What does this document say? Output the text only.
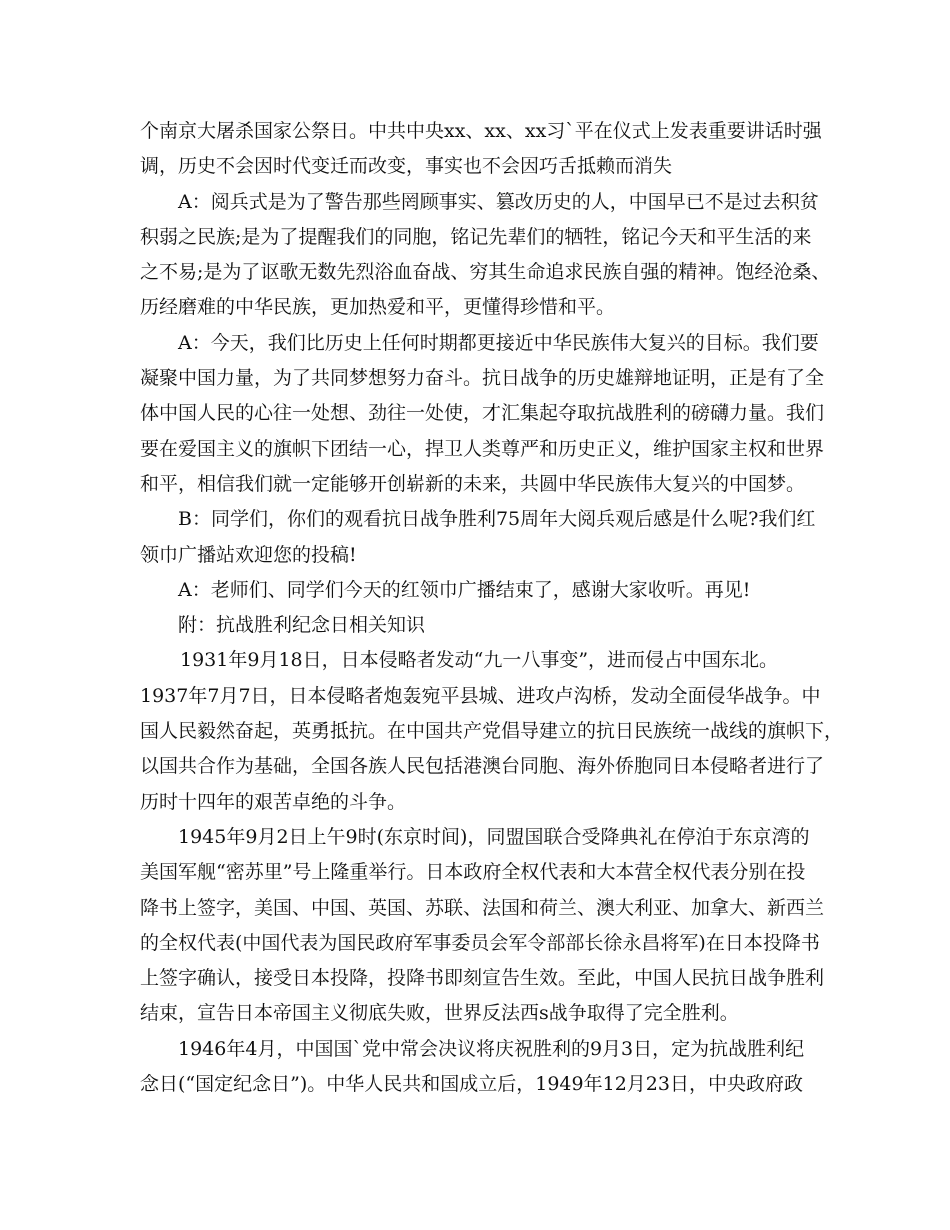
个南京大屠杀国家公祭日。中共中央xx、xx、xx习`平在仪式上发表重要讲话时强
调，历史不会因时代变迁而改变，事实也不会因巧舌抵赖而消失
A：阅兵式是为了警告那些罔顾事实、篡改历史的人，中国早已不是过去积贫
积弱之民族;是为了提醒我们的同胞，铭记先辈们的牺牲，铭记今天和平生活的来
之不易;是为了讴歌无数先烈浴血奋战、穷其生命追求民族自强的精神。饱经沧桑、
历经磨难的中华民族，更加热爱和平，更懂得珍惜和平。
A：今天，我们比历史上任何时期都更接近中华民族伟大复兴的目标。我们要
凝聚中国力量，为了共同梦想努力奋斗。抗日战争的历史雄辩地证明，正是有了全
体中国人民的心往一处想、劲往一处使，才汇集起夺取抗战胜利的磅礴力量。我们
要在爱国主义的旗帜下团结一心，捍卫人类尊严和历史正义，维护国家主权和世界
和平，相信我们就一定能够开创崭新的未来，共圆中华民族伟大复兴的中国梦。
B：同学们，你们的观看抗日战争胜利75周年大阅兵观后感是什么呢?我们红
领巾广播站欢迎您的投稿!
A：老师们、同学们今天的红领巾广播结束了，感谢大家收听。再见!
附：抗战胜利纪念日相关知识
1931年9月18日，日本侵略者发动“九一八事变”，进而侵占中国东北。
1937年7月7日，日本侵略者炮轰宛平县城、进攻卢沟桥，发动全面侵华战争。中
国人民毅然奋起，英勇抵抗。在中国共产党倡导建立的抗日民族统一战线的旗帜下，
以国共合作为基础，全国各族人民包括港澳台同胞、海外侨胞同日本侵略者进行了
历时十四年的艰苦卓绝的斗争。
1945年9月2日上午9时(东京时间)，同盟国联合受降典礼在停泊于东京湾的
美国军舰“密苏里”号上隆重举行。日本政府全权代表和大本营全权代表分别在投
降书上签字，美国、中国、英国、苏联、法国和荷兰、澳大利亚、加拿大、新西兰
的全权代表(中国代表为国民政府军事委员会军令部部长徐永昌将军)在日本投降书
上签字确认，接受日本投降，投降书即刻宣告生效。至此，中国人民抗日战争胜利
结束，宣告日本帝国主义彻底失败，世界反法西s战争取得了完全胜利。
1946年4月，中国国`党中常会决议将庆祝胜利的9月3日，定为抗战胜利纪
念日(“国定纪念日”)。中华人民共和国成立后，1949年12月23日，中央政府政
